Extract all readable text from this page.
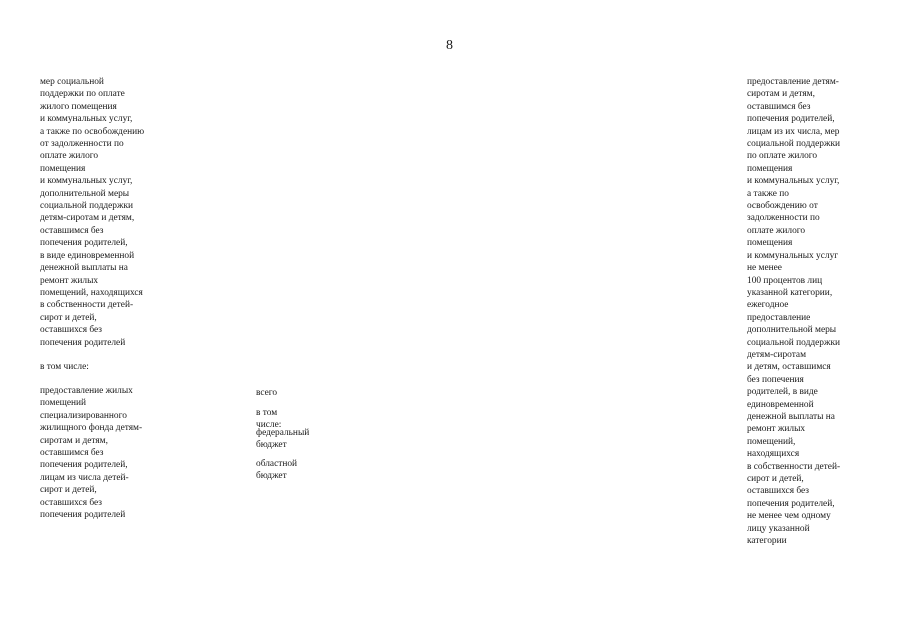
8
мер социальной
поддержки по оплате
жилого помещения
и коммунальных услуг,
а также по освобождению
от задолженности по
оплате жилого
помещения
и коммунальных услуг,
дополнительной меры
социальной поддержки
детям-сиротам и детям,
оставшимся без
попечения родителей,
в виде единовременной
денежной выплаты на
ремонт жилых
помещений, находящихся
в собственности детей-
сирот и детей,
оставшихся без
попечения родителей
в том числе:
предоставление жилых
помещений
специализированного
жилищного фонда детям-
сиротам и детям,
оставшимся без
попечения родителей,
лицам из числа детей-
сирот и детей,
оставшихся без
попечения родителей
всего
в том числе:
федеральный
бюджет
областной
бюджет
предоставление детям-
сиротам и детям,
оставшимся без
попечения родителей,
лицам из их числа, мер
социальной поддержки
по оплате жилого
помещения
и коммунальных услуг,
а также по
освобождению от
задолженности по
оплате жилого
помещения
и коммунальных услуг
не менее
100 процентов лиц
указанной категории,
ежегодное
предоставление
дополнительной меры
социальной поддержки
детям-сиротам
и детям, оставшимся
без попечения
родителей, в виде
единовременной
денежной выплаты на
ремонт жилых
помещений,
находящихся
в собственности детей-
сирот и детей,
оставшихся без
попечения родителей,
не менее чем одному
лицу указанной
категории
